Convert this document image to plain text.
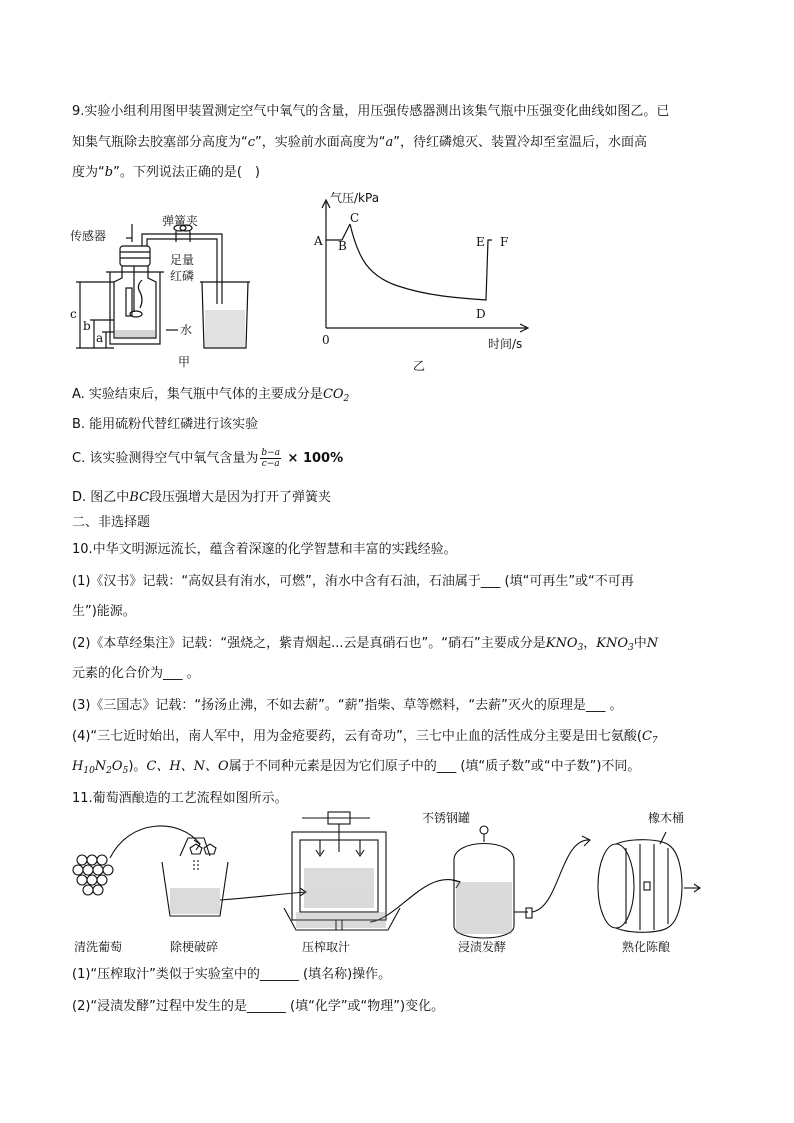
9.实验小组利用图甲装置测定空气中氧气的含量，用压强传感器测出该集气瓶中压强变化曲线如图乙。已
知集气瓶除去胶塞部分高度为“c”，实验前水面高度为“a”，待红磷熄灭、装置冷却至室温后，水面高
度为“b”。下列说法正确的是(　)
传感器
弹簧夹
足量
红磷
水
c
b
a
甲
气压/kPa
时间/s
0
A B
C
D
E F
乙
A. 实验结束后，集气瓶中气体的主要成分是$CO_2$
B. 能用硫粉代替红磷进行该实验
C. 该实验测得空气中氧气含量为 $\frac{b-a}{c-a} \times 100\%$
D. 图乙中BC段压强增大是因为打开了弹簧夹
二、非选择题
10.中华文明源远流长，蕴含着深邃的化学智慧和丰富的实践经验。
(1)《汉书》记载：“高奴县有洧水，可燃”，洧水中含有石油，石油属于___ (填“可再生”或“不可再
生”)能源。
(2)《本草经集注》记载：“强烧之，紫青烟起...云是真硝石也”。“硝石”主要成分是$KNO_3$，$KNO_3$中N
元素的化合价为___ 。
(3)《三国志》记载：“扬汤止沸，不如去薪”。“薪”指柴、草等燃料，“去薪”灭火的原理是___ 。
(4)“三七近时始出，南人军中，用为金疮要药，云有奇功”，三七中止血的活性成分主要是田七氨酸($C_7$
$H_{10}N_2O_5$)。C、H、N、O属于不同种元素是因为它们原子中的___ (填“质子数”或“中子数”)不同。
11.葡萄酒酿造的工艺流程如图所示。
不锈钢罐	橡木桶
清洗葡萄	除梗破碎	压榨取汁	浸渍发酵	熟化陈酿
(1)“压榨取汁”类似于实验室中的______ (填名称)操作。
(2)“浸渍发酵”过程中发生的是______ (填“化学”或“物理”)变化。
